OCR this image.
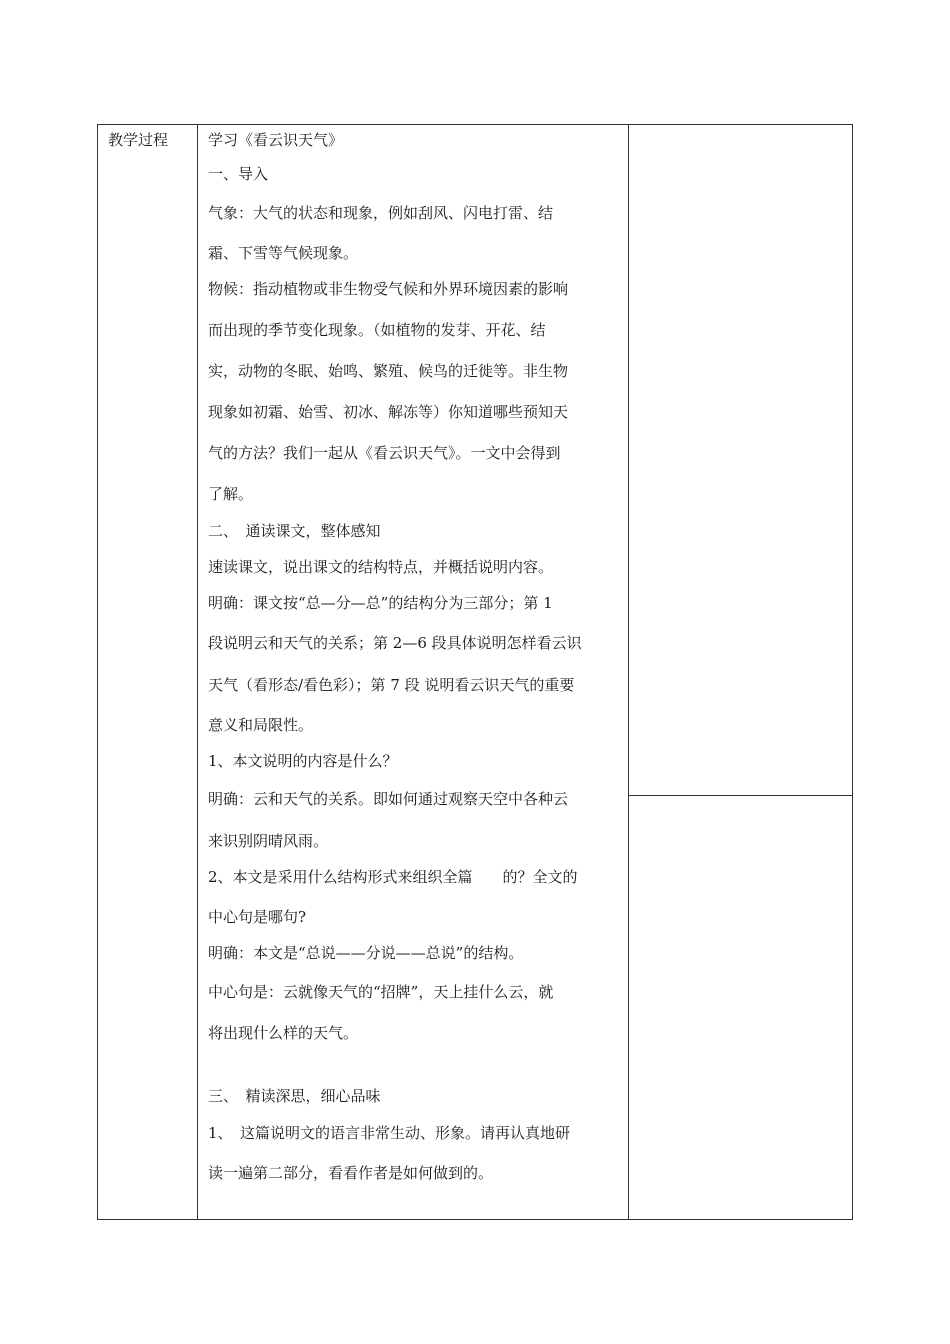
教学过程	学习《看云识天气》
一、导入
气象：大气的状态和现象，例如刮风、闪电打雷、结
霜、下雪等气候现象。
物候：指动植物或非生物受气候和外界环境因素的影响
而出现的季节变化现象。（如植物的发芽、开花、结
实，动物的冬眠、始鸣、繁殖、候鸟的迁徙等。非生物
现象如初霜、始雪、初冰、解冻等）你知道哪些预知天
气的方法？我们一起从《看云识天气》。一文中会得到
了解。
二、　通读课文，整体感知
速读课文，说出课文的结构特点，并概括说明内容。
明确：课文按“总—分—总”的结构分为三部分；第 1
段说明云和天气的关系；第 2—6 段具体说明怎样看云识
天气（看形态/看色彩）；第 7 段 说明看云识天气的重要
意义和局限性。
1、本文说明的内容是什么？
明确：云和天气的关系。即如何通过观察天空中各种云
来识别阴晴风雨。
2、本文是采用什么结构形式来组织全篇　　的？全文的
中心句是哪句?
明确：本文是“总说——分说——总说”的结构。
中心句是：云就像天气的“招牌”，天上挂什么云，就
将出现什么样的天气。
三、　精读深思，细心品味
1、　这篇说明文的语言非常生动、形象。请再认真地研
读一遍第二部分，看看作者是如何做到的。
